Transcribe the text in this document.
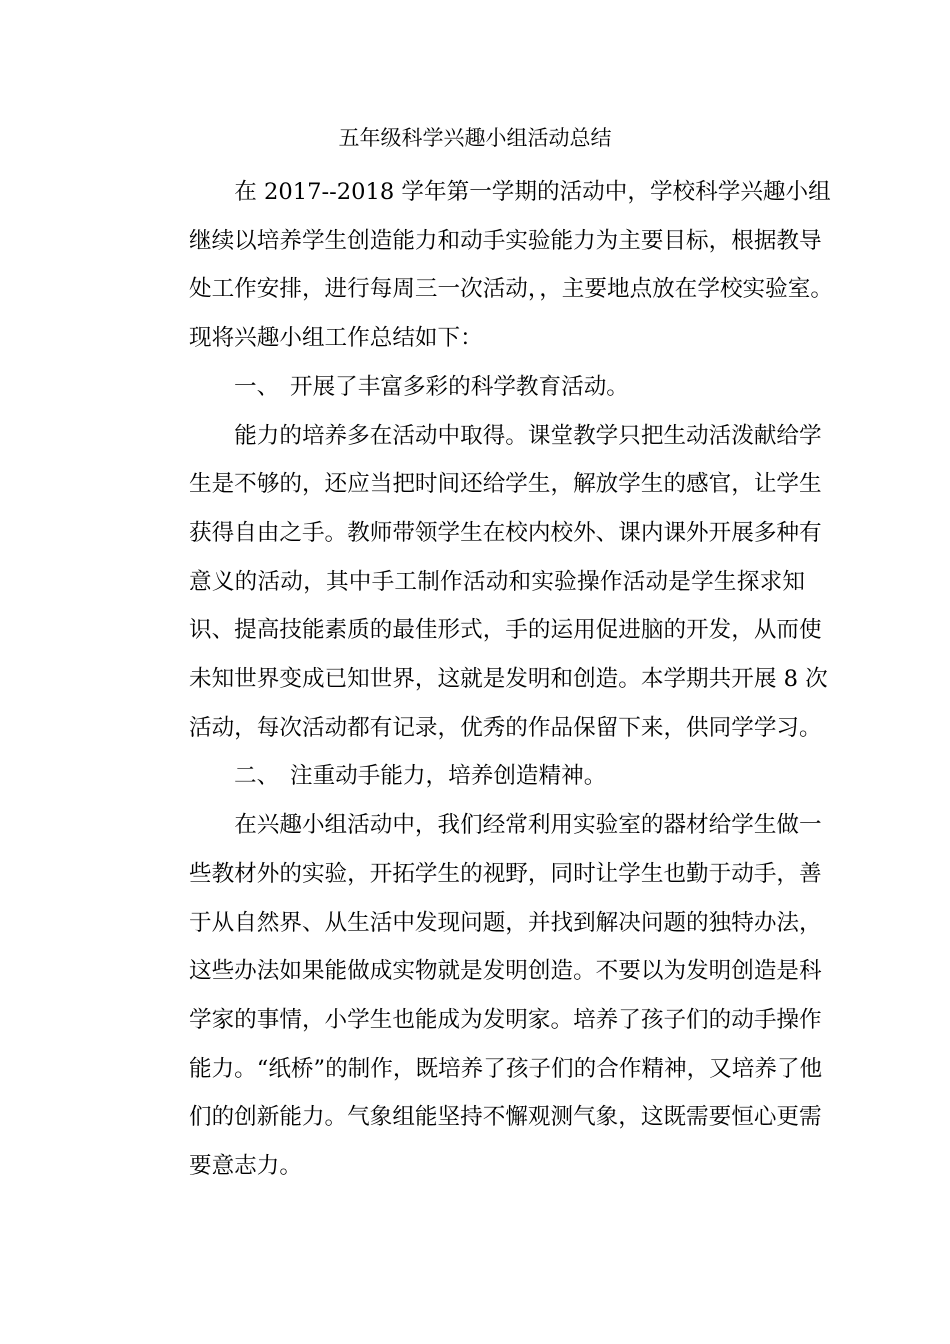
五年级科学兴趣小组活动总结
在 2017--2018 学年第一学期的活动中，学校科学兴趣小组
继续以培养学生创造能力和动手实验能力为主要目标，根据教导
处工作安排，进行每周三一次活动，，主要地点放在学校实验室。
现将兴趣小组工作总结如下：
一、 开展了丰富多彩的科学教育活动。
能力的培养多在活动中取得。课堂教学只把生动活泼献给学
生是不够的，还应当把时间还给学生，解放学生的感官，让学生
获得自由之手。教师带领学生在校内校外、课内课外开展多种有
意义的活动，其中手工制作活动和实验操作活动是学生探求知
识、提高技能素质的最佳形式，手的运用促进脑的开发，从而使
未知世界变成已知世界，这就是发明和创造。本学期共开展 8 次
活动，每次活动都有记录，优秀的作品保留下来，供同学学习。
二、 注重动手能力，培养创造精神。
在兴趣小组活动中，我们经常利用实验室的器材给学生做一
些教材外的实验，开拓学生的视野，同时让学生也勤于动手，善
于从自然界、从生活中发现问题，并找到解决问题的独特办法，
这些办法如果能做成实物就是发明创造。不要以为发明创造是科
学家的事情，小学生也能成为发明家。培养了孩子们的动手操作
能力。“纸桥”的制作，既培养了孩子们的合作精神，又培养了他
们的创新能力。气象组能坚持不懈观测气象，这既需要恒心更需
要意志力。
